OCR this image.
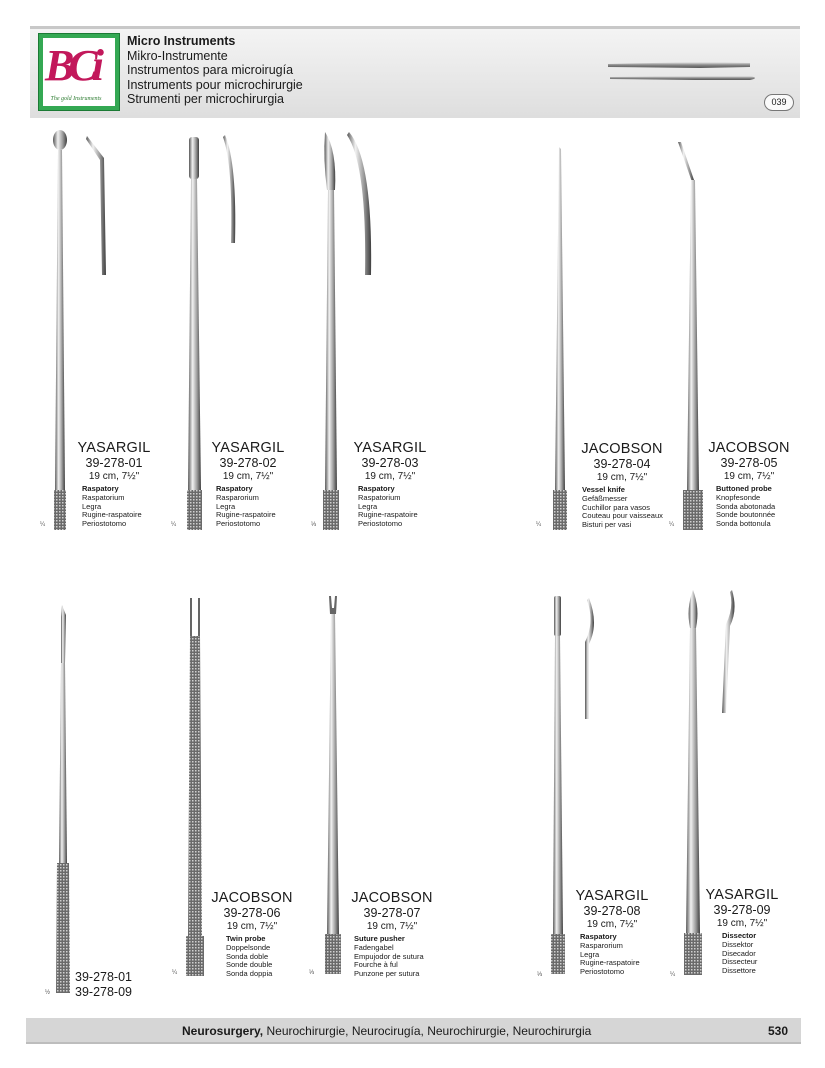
BCi
The gold Instruments
Micro Instruments
Mikro-Instrumente
Instrumentos para microirugía
Instruments pour microchirurgie
Strumenti per microchirurgia	039
¼	¼	⅓	¼	¼
YASARGIL
39-278-01
19 cm, 7½"
Raspatory
Raspatorium
Legra
Rugine-raspatoire
Periostotomo
YASARGIL
39-278-02
19 cm, 7½"
Raspatory
Rasparorium
Legra
Rugine-raspatoire
Periostotomo
YASARGIL
39-278-03
19 cm, 7½"
Raspatory
Raspatorium
Legra
Rugine-raspatoire
Periostotomo
JACOBSON
39-278-04
19 cm, 7½"
Vessel knife
Gefäßmesser
Cuchillor para vasos
Couteau pour vaisseaux
Bisturi per vasi
JACOBSON
39-278-05
19 cm, 7½"
Buttoned probe
Knopfesonde
Sonda abotonada
Sonde boutonnée
Sonda bottonula
½
¼	⅓	⅓	¼
39-278-01
39-278-09
JACOBSON
39-278-06
19 cm, 7½"
Twin probe
Doppelsonde
Sonda doble
Sonde double
Sonda doppia
JACOBSON
39-278-07
19 cm, 7½"
Suture pusher
Fadengabel
Empujodor de sutura
Fourche à ful
Punzone per sutura
YASARGIL
39-278-08
19 cm, 7½"
Raspatory
Rasparorium
Legra
Rugine-raspatoire
Periostotomo
YASARGIL
39-278-09
19 cm, 7½"
Dissector
Dissektor
Disecador
Dissecteur
Dissettore
Neurosurgery, Neurochirurgie, Neurocirugía, Neurochirurgie, Neurochirurgia	530
